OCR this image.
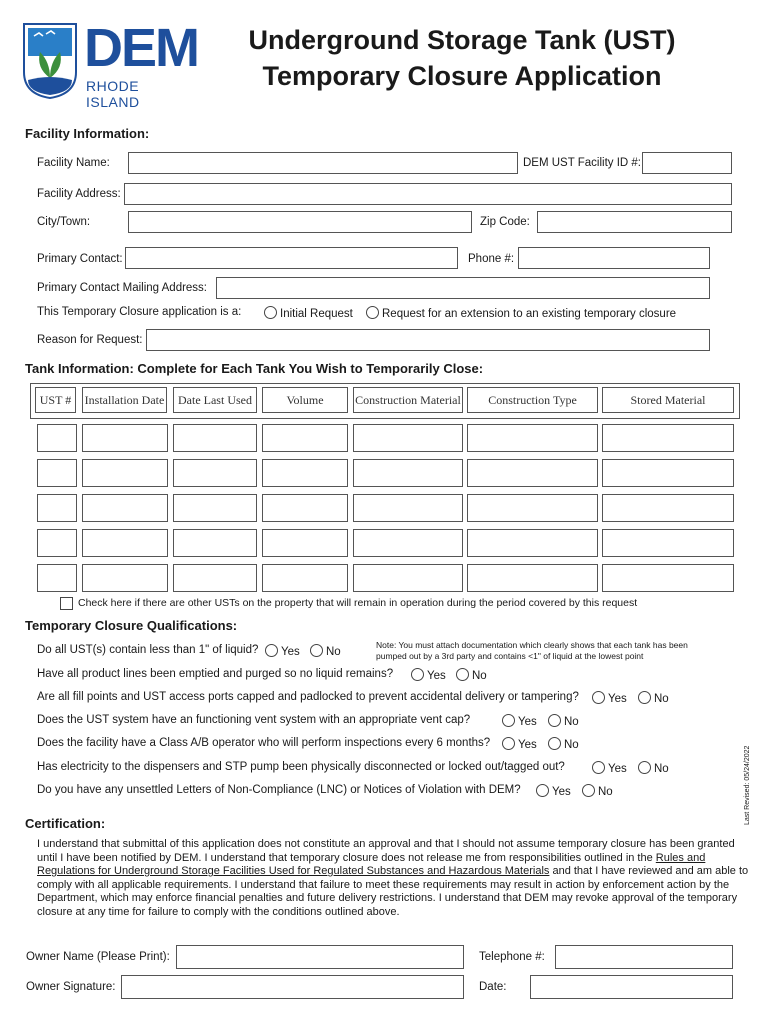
DEM
RHODE ISLAND
Underground Storage Tank (UST)
Temporary Closure Application
Facility Information:
Facility Name:	DEM UST Facility ID #:
Facility Address:
City/Town:	Zip Code:
Primary Contact:	Phone #:
Primary Contact Mailing Address:
This Temporary Closure application is a:	Initial Request	Request for an extension to an existing temporary closure
Reason for Request:
Tank Information: Complete for Each Tank You Wish to Temporarily Close:
UST #	Installation Date	Date Last Used	Volume	Construction Material	Construction Type	Stored Material
Check here if there are other USTs on the property that will remain in operation during the period covered by this request
Temporary Closure Qualifications:
Note: You must attach documentation which clearly shows that each tank has been pumped out by a 3rd party and contains <1" of liquid at the lowest point
Do all UST(s) contain less than 1" of liquid?	Yes	No
Have all product lines been emptied and purged so no liquid remains?	Yes	No
Are all fill points and UST access ports capped and padlocked to prevent accidental delivery or tampering?	Yes	No
Does the UST system have an functioning vent system with an appropriate vent cap?	Yes	No
Does the facility have a Class A/B operator who will perform inspections every 6 months?	Yes	No
Has electricity to the dispensers and STP pump been physically disconnected or locked out/tagged out?	Yes	No
Do you have any unsettled Letters of Non-Compliance (LNC) or Notices of Violation with DEM?	Yes	No	Last Revised: 05/24/2022
Certification:
I understand that submittal of this application does not constitute an approval and that I should not assume temporary closure has been granted until I have been notified by DEM. I understand that temporary closure does not release me from responsibilities outlined in the Rules and Regulations for Underground Storage Facilities Used for Regulated Substances and Hazardous Materials and that I have reviewed and am able to comply with all applicable requirements. I understand that failure to meet these requirements may result in action by enforcement action by the Department, which may enforce financial penalties and future delivery restrictions. I understand that DEM may revoke approval of the temporary closure at any time for failure to comply with the conditions outlined above.
Owner Name (Please Print):	Telephone #:
Owner Signature:	Date:
